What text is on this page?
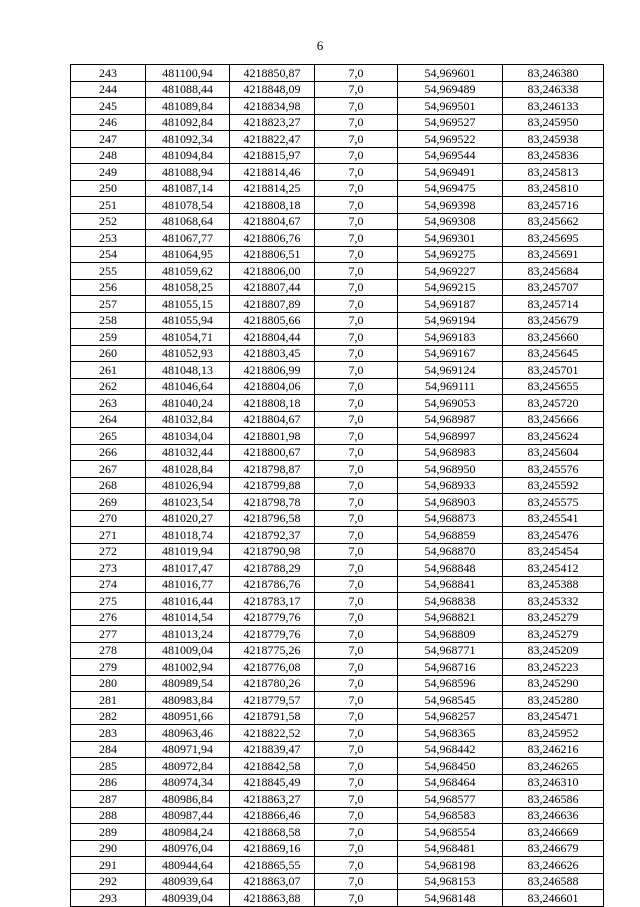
6
243	481100,94	4218850,87	7,0	54,969601	83,246380
244	481088,44	4218848,09	7,0	54,969489	83,246338
245	481089,84	4218834,98	7,0	54,969501	83,246133
246	481092,84	4218823,27	7,0	54,969527	83,245950
247	481092,34	4218822,47	7,0	54,969522	83,245938
248	481094,84	4218815,97	7,0	54,969544	83,245836
249	481088,94	4218814,46	7,0	54,969491	83,245813
250	481087,14	4218814,25	7,0	54,969475	83,245810
251	481078,54	4218808,18	7,0	54,969398	83,245716
252	481068,64	4218804,67	7,0	54,969308	83,245662
253	481067,77	4218806,76	7,0	54,969301	83,245695
254	481064,95	4218806,51	7,0	54,969275	83,245691
255	481059,62	4218806,00	7,0	54,969227	83,245684
256	481058,25	4218807,44	7,0	54,969215	83,245707
257	481055,15	4218807,89	7,0	54,969187	83,245714
258	481055,94	4218805,66	7,0	54,969194	83,245679
259	481054,71	4218804,44	7,0	54,969183	83,245660
260	481052,93	4218803,45	7,0	54,969167	83,245645
261	481048,13	4218806,99	7,0	54,969124	83,245701
262	481046,64	4218804,06	7,0	54,969111	83,245655
263	481040,24	4218808,18	7,0	54,969053	83,245720
264	481032,84	4218804,67	7,0	54,968987	83,245666
265	481034,04	4218801,98	7,0	54,968997	83,245624
266	481032,44	4218800,67	7,0	54,968983	83,245604
267	481028,84	4218798,87	7,0	54,968950	83,245576
268	481026,94	4218799,88	7,0	54,968933	83,245592
269	481023,54	4218798,78	7,0	54,968903	83,245575
270	481020,27	4218796,58	7,0	54,968873	83,245541
271	481018,74	4218792,37	7,0	54,968859	83,245476
272	481019,94	4218790,98	7,0	54,968870	83,245454
273	481017,47	4218788,29	7,0	54,968848	83,245412
274	481016,77	4218786,76	7,0	54,968841	83,245388
275	481016,44	4218783,17	7,0	54,968838	83,245332
276	481014,54	4218779,76	7,0	54,968821	83,245279
277	481013,24	4218779,76	7,0	54,968809	83,245279
278	481009,04	4218775,26	7,0	54,968771	83,245209
279	481002,94	4218776,08	7,0	54,968716	83,245223
280	480989,54	4218780,26	7,0	54,968596	83,245290
281	480983,84	4218779,57	7,0	54,968545	83,245280
282	480951,66	4218791,58	7,0	54,968257	83,245471
283	480963,46	4218822,52	7,0	54,968365	83,245952
284	480971,94	4218839,47	7,0	54,968442	83,246216
285	480972,84	4218842,58	7,0	54,968450	83,246265
286	480974,34	4218845,49	7,0	54,968464	83,246310
287	480986,84	4218863,27	7,0	54,968577	83,246586
288	480987,44	4218866,46	7,0	54,968583	83,246636
289	480984,24	4218868,58	7,0	54,968554	83,246669
290	480976,04	4218869,16	7,0	54,968481	83,246679
291	480944,64	4218865,55	7,0	54,968198	83,246626
292	480939,64	4218863,07	7,0	54,968153	83,246588
293	480939,04	4218863,88	7,0	54,968148	83,246601
